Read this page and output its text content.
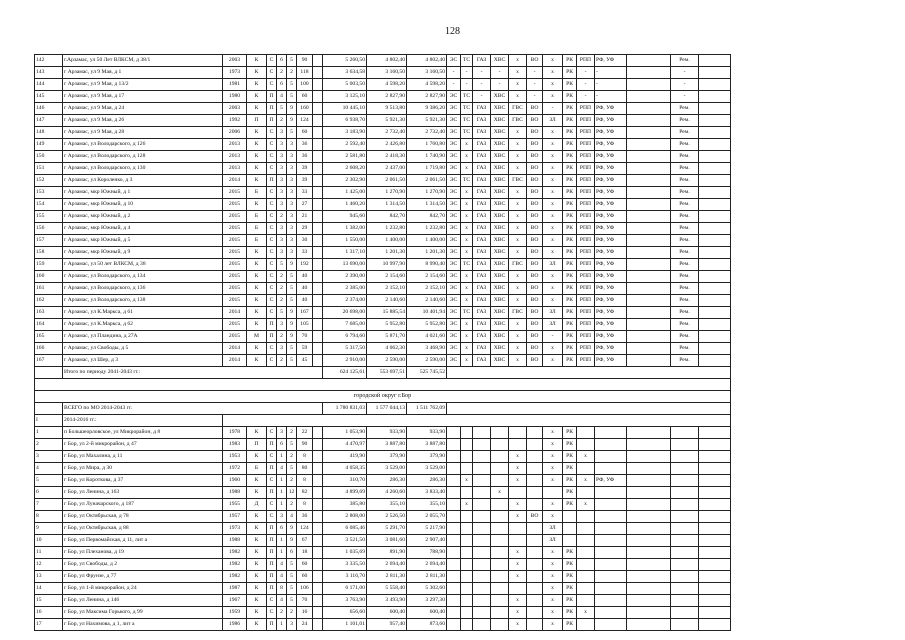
128
142	г.Арзамас, ул 50 Лет ВЛКСМ, д 38/1	2003	К	С	6	5	90		5 260,50	4 802,40	4 802,40	ЭС	ТС	ГАЗ	ХВС	х	ВО	х	РК	РПП	РФ, УФ		Рем.	
143	г Арзамас, ул 9 Мая, д 1	1973	К	С	2	2	118		3 634,58	3 160,50	3 160,50	-	-	-	-	х	-	х	РК	-	-		-	
144	г Арзамас, ул 9 Мая, д 13/2	1981	К	С	6	5	100		5 003,50	4 598,20	4 598,20	-	-	-	-	х	-	х	РК	-	-		-	
145	г Арзамас, ул 9 Мая, д 17	1980	К	П	4	5	60		3 125,10	2 827,90	2 827,90	ЭС	ТС	-	ХВС	х	-	х	РК	-	-		-	
146	г Арзамас, ул 9 Мая, д 24	2003	К	П	5	9	160		10 445,10	9 513,80	9 386,20	ЭС	ТС	ГАЗ	ХВС	ГВС	ВО	-	РК	РПП	РФ, УФ		Рем.	
147	г Арзамас, ул 9 Мая, д 26	1992	П	П	2	9	124		6 938,70	5 921,30	5 921,30	ЭС	ТС	ГАЗ	ХВС	ГВС	ВО	ЗЛ	РК	РПП	РФ, УФ		Рем.	
148	г Арзамас, ул 9 Мая, д 28	2006	К	С	3	5	60		3 183,90	2 732,40	2 732,40	ЭС	ТС	ГАЗ	ХВС	х	ВО	х	РК	РПП	РФ, УФ		Рем.	
149	г Арзамас, ул Володарского, д 126	2013	К	С	3	3	36		2 592,40	2 426,80	1 760,80	ЭС	х	ГАЗ	ХВС	х	ВО	х	РК	РПП	РФ, УФ		Рем.	
150	г Арзамас, ул Володарского, д 128	2013	К	С	3	3	36		2 581,80	2 418,30	1 740,90	ЭС	х	ГАЗ	ХВС	х	ВО	х	РК	РПП	РФ, УФ		Рем.	
151	г Арзамас, ул Володарского, д 130	2013	К	С	3	3	39		2 608,20	2 437,00	1 719,80	ЭС	х	ГАЗ	ХВС	х	ВО	х	РК	РПП	РФ, УФ		Рем.	
152	г Арзамас, ул Короленко, д 3	2014	К	П	3	3	39		2 302,90	2 061,50	2 061,50	ЭС	ТС	ГАЗ	ХВС	ГВС	ВО	х	РК	РПП	РФ, УФ		Рем.	
153	г Арзамас, мкр Южный, д 1	2015	Б	С	3	3	33		1 425,00	1 270,90	1 270,90	ЭС	х	ГАЗ	ХВС	х	ВО	х	РК	РПП	РФ, УФ		Рем.	
154	г Арзамас, мкр Южный, д 10	2015	К	С	3	3	27		1 460,20	1 314,50	1 314,50	ЭС	х	ГАЗ	ХВС	х	ВО	х	РК	РПП	РФ, УФ		Рем.	
155	г Арзамас, мкр Южный, д 2	2015	Б	С	2	3	21		945,60	842,70	842,70	ЭС	х	ГАЗ	ХВС	х	ВО	х	РК	РПП	РФ, УФ		Рем.	
156	г Арзамас, мкр Южный, д 4	2015	Б	С	3	3	29		1 382,00	1 232,80	1 232,80	ЭС	х	ГАЗ	ХВС	х	ВО	х	РК	РПП	РФ, УФ		Рем.	
157	г Арзамас, мкр Южный, д 5	2015	Б	С	3	3	30		1 550,00	1 400,00	1 400,00	ЭС	х	ГАЗ	ХВС	х	ВО	х	РК	РПП	РФ, УФ		Рем.	
158	г Арзамас, мкр Южный, д 9	2015	К	С	3	3	33		1 317,10	1 201,30	1 201,30	ЭС	х	ГАЗ	ХВС	х	ВО	х	РК	РПП	РФ, УФ		Рем.	
159	г Арзамас, ул 50 лет ВЛКСМ, д 38	2015	К	С	5	9	192		13 690,00	10 997,90	8 990,40	ЭС	ТС	ГАЗ	ХВС	ГВС	ВО	ЗЛ	РК	РПП	РФ, УФ		Рем.	
160	г Арзамас, ул Володарского, д 134	2015	К	С	2	5	40		2 390,00	2 154,60	2 154,60	ЭС	х	ГАЗ	ХВС	х	ВО	х	РК	РПП	РФ, УФ		Рем.	
161	г Арзамас, ул Володарского, д 136	2015	К	С	2	5	40		2 385,00	2 152,10	2 152,10	ЭС	х	ГАЗ	ХВС	х	ВО	х	РК	РПП	РФ, УФ		Рем.	
162	г Арзамас, ул Володарского, д 138	2015	К	С	2	5	40		2 374,00	2 140,60	2 140,60	ЭС	х	ГАЗ	ХВС	х	ВО	х	РК	РПП	РФ, УФ		Рем.	
163	г Арзамас, ул К.Маркса, д 61	2014	К	С	5	9	167		20 698,00	15 885,54	10 401,94	ЭС	ТС	ГАЗ	ХВС	ГВС	ВО	ЗЛ	РК	РПП	РФ, УФ		Рем.	
164	г Арзамас, ул К.Маркса, д 62	2015	К	П	3	9	105		7 685,00	5 952,80	5 952,80	ЭС	х	ГАЗ	ХВС	х	ВО	ЗЛ	РК	РПП	РФ, УФ		Рем.	
165	г Арзамас, ул Пландина, д 27А	2015	М	П	2	9	70		6 794,60	5 871,70	4 021,60	ЭС	х	ГАЗ	ХВС	х	ВО	-	РК	РПП	РФ, УФ		Рем.	
166	г Арзамас, ул Свободы, д 5	2014	К	С	3	5	59		5 317,50	4 062,30	3 468,90	ЭС	х	ГАЗ	ХВС	х	ВО	х	РК	РПП	РФ, УФ		Рем.	
167	г Арзамас, ул Шер, д 3	2014	К	С	2	5	45		2 910,00	2 590,00	2 590,00	ЭС	х	ГАЗ	ХВС	х	ВО	х	РК	РПП	РФ, УФ		Рем.	
	Итого по периоду 2041-2043 гг.:								624 125,61	553 697,51	525 745,52													

городской округ г.Бор																								
	ВСЕГО по МО 2014-2043 гг.								1 780 831,03	1 577 044,13	1 511 762,09													
I	2014-2016 гг.:																							
1	п Большеорловское, ул Микрорайон, д 8	1978	К	С	3	2	22		1 053,90	933,90	933,90							х	РК					
2	г Бор, ул 2-й микрорайон, д 47	1983	П	П	6	5	90		4 470,97	3 887,80	3 887,80							х	РК					
3	г Бор, ул Махалина, д 11	1953	К	С	1	2	8		419,90	379,90	379,90					х		х	РК	х				
4	г Бор, ул Мира, д 30	1972	Б	П	4	5	80		4 058,35	3 529,00	3 529,00					х		х	РК					
5	г Бор, ул Короткова, д 37	1960	К	С	1	2	8		310,70	286,30	286,30		х			х		х	РК	х	РФ, УФ			
6	г Бор, ул Ленина, д 163	1988	К	П	1	12	82		4 899,69	4 260,60	3 833,40				х				РК					
7	г Бор, ул Луначарского, д 187	1955	Д	С	1	2	8		385,80	355,10	355,10		х			х		х	РК	х				
8	г Бор, ул Октябрьская, д 78	1957	К	С	3	4	36		2 808,00	2 526,50	2 055,70					х	ВО	х						
9	г Бор, ул Октябрьская, д 88	1973	К	П	6	9	124		6 085,46	5 291,70	5 217,90							ЗЛ						
10	г Бор, ул Первомайская, д 11, лит а	1988	К	П	1	9	67		3 521,50	3 081,60	2 907,40							ЗЛ						
11	г Бор, ул Плеханова, д 19	1982	К	П	1	6	18		1 035,69	891,90	788,90					х		х	РК					
12	г Бор, ул Свободы, д 2	1982	К	П	4	5	60		3 335,50	2 694,40	2 694,40					х		х	РК					
13	г Бор, ул Фрунзе, д 77	1982	К	П	4	5	60		3 116,70	2 811,30	2 811,30					х		х	РК					
14	г Бор, ул 1-й микрорайон, д 24	1987	К	П	8	5	106		6 171,00	5 558,40	5 302,60							х	РК					
15	г Бор, ул Ленина, д 146	1967	К	С	4	5	70		3 763,90	3 493,90	3 297,30					х		х	РК					
16	г Бор, ул Максима Горького, д 99	1959	К	С	2	2	16		656,60	600,40	600,40					х		х	РК	х				
17	г Бор, ул Нахимова, д 1, лит а	1986	К	П	1	3	24		1 101,01	957,40	873,60					х		х	РК					
